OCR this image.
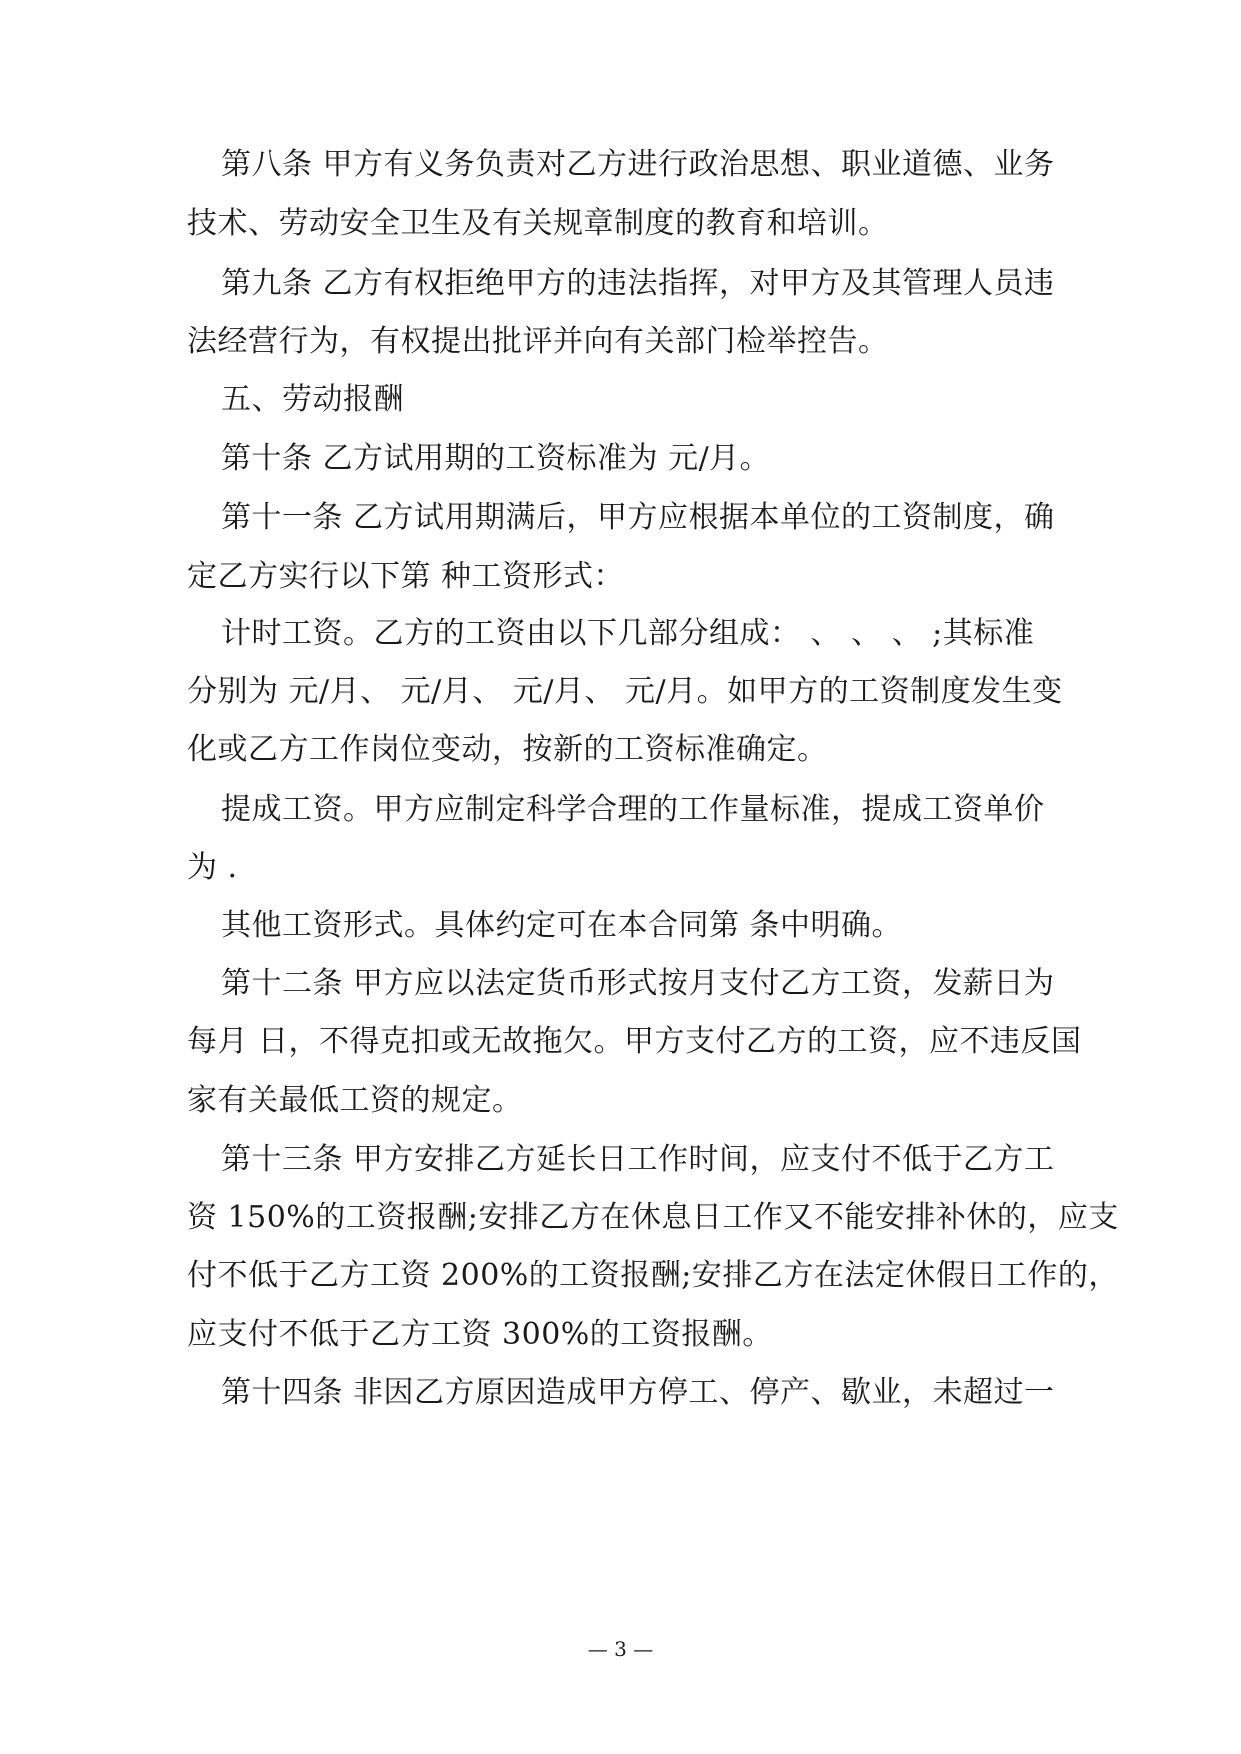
第八条 甲方有义务负责对乙方进行政治思想、职业道德、业务
技术、劳动安全卫生及有关规章制度的教育和培训。
第九条 乙方有权拒绝甲方的违法指挥，对甲方及其管理人员违
法经营行为，有权提出批评并向有关部门检举控告。
五、劳动报酬
第十条 乙方试用期的工资标准为 元/月。
第十一条 乙方试用期满后，甲方应根据本单位的工资制度，确
定乙方实行以下第 种工资形式：
计时工资。乙方的工资由以下几部分组成： 、 、 、 ;其标准
分别为 元/月、 元/月、 元/月、 元/月。如甲方的工资制度发生变
化或乙方工作岗位变动，按新的工资标准确定。
提成工资。甲方应制定科学合理的工作量标准，提成工资单价
为 .
其他工资形式。具体约定可在本合同第 条中明确。
第十二条 甲方应以法定货币形式按月支付乙方工资，发薪日为
每月 日，不得克扣或无故拖欠。甲方支付乙方的工资，应不违反国
家有关最低工资的规定。
第十三条 甲方安排乙方延长日工作时间，应支付不低于乙方工
资 150%的工资报酬;安排乙方在休息日工作又不能安排补休的，应支
付不低于乙方工资 200%的工资报酬;安排乙方在法定休假日工作的，
应支付不低于乙方工资 300%的工资报酬。
第十四条 非因乙方原因造成甲方停工、停产、歇业，未超过一
— 3 —
